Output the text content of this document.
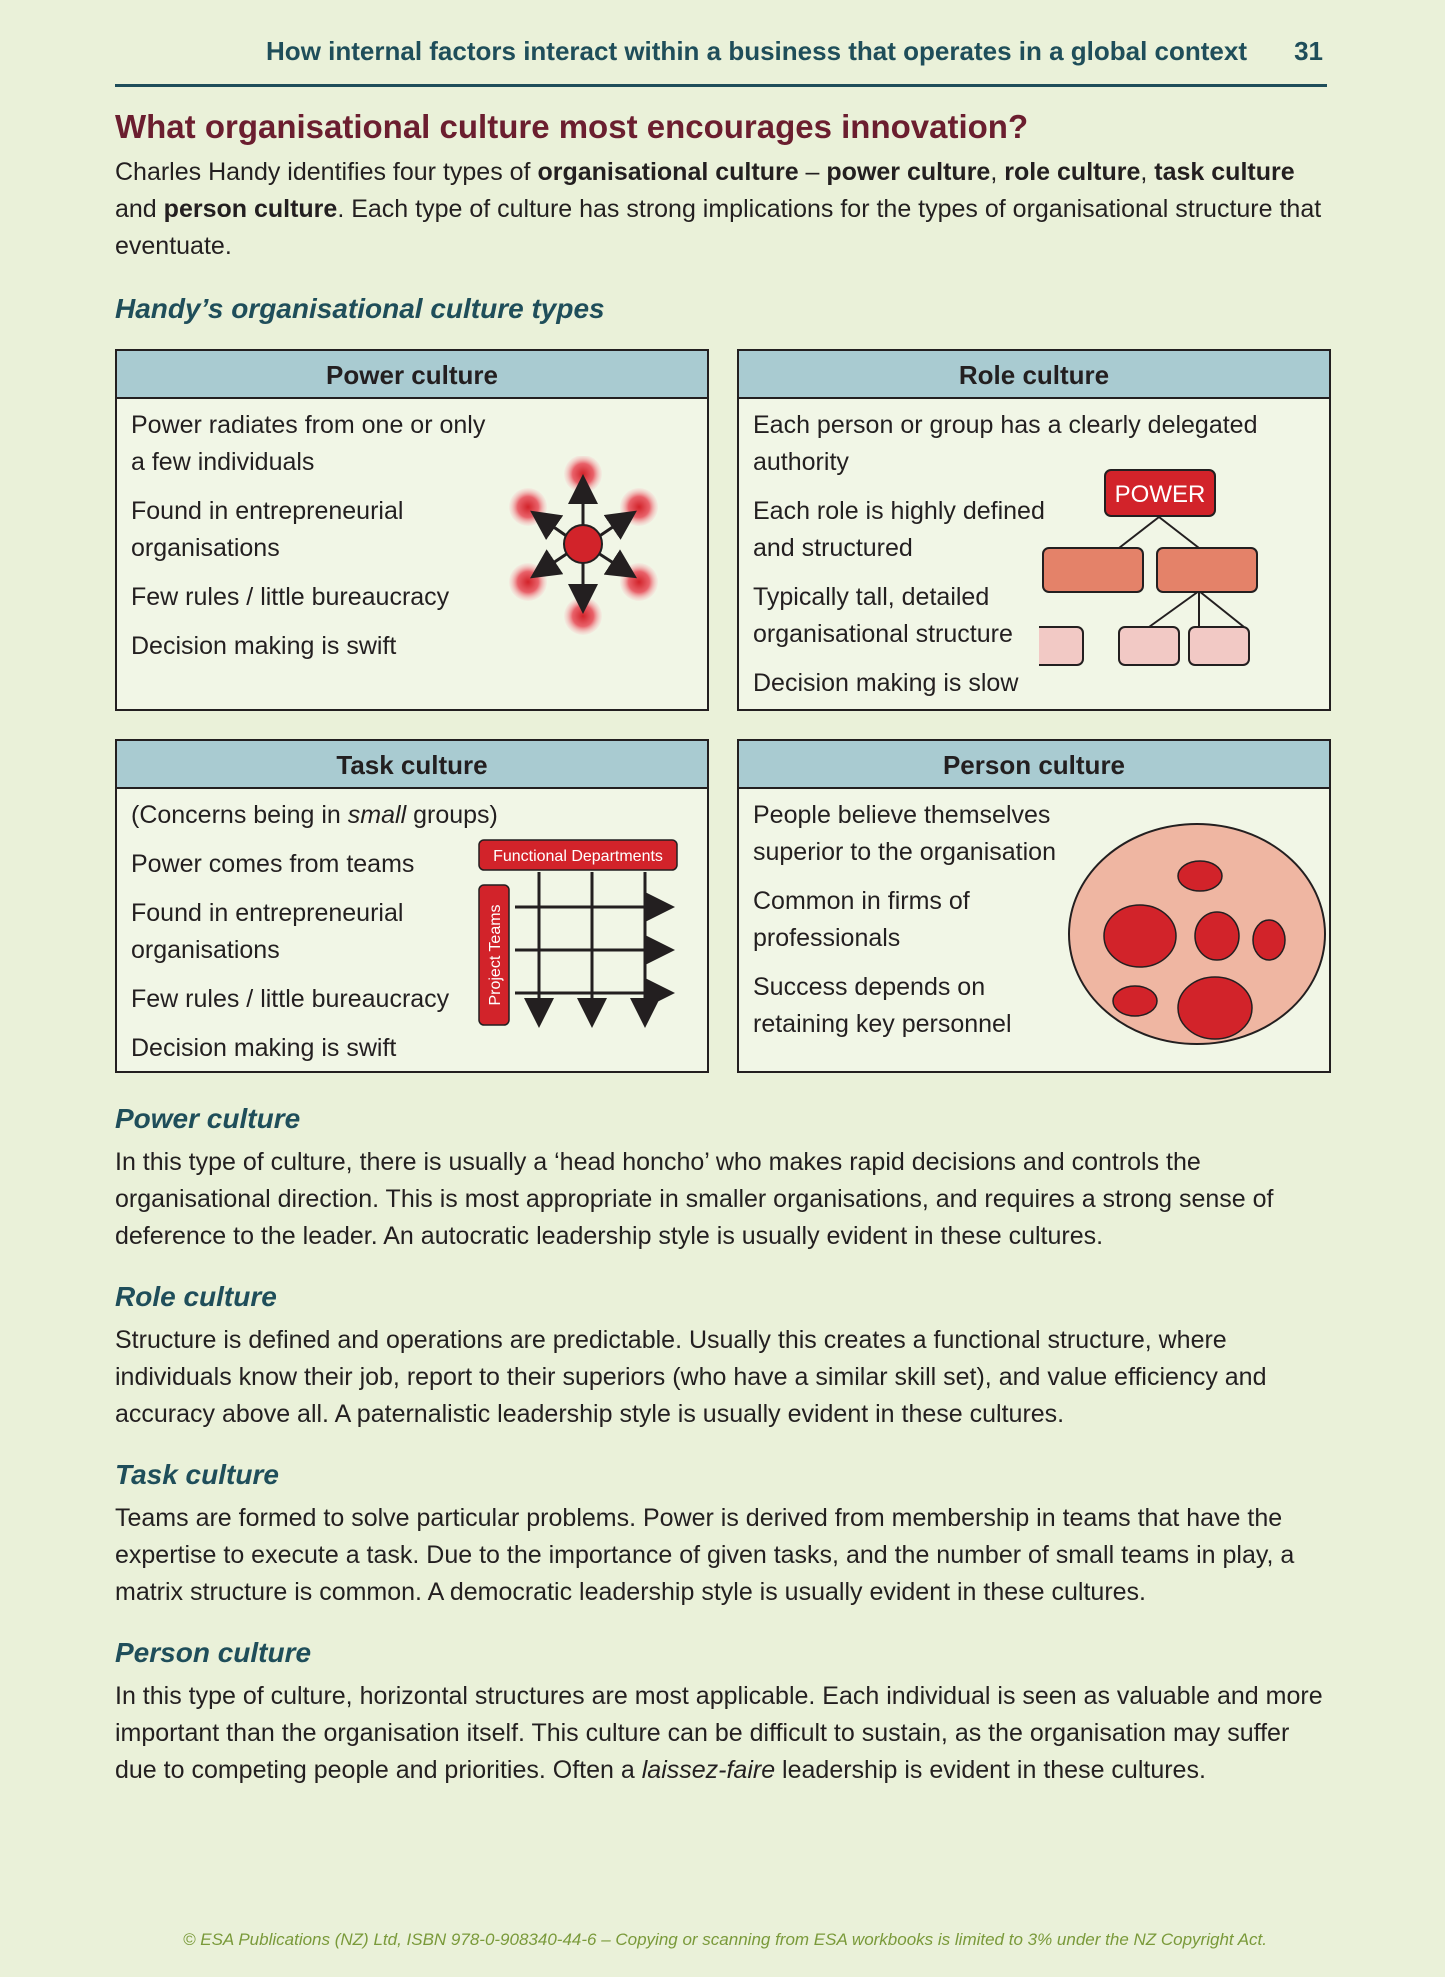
How internal factors interact within a business that operates in a global context 31
What organisational culture most encourages innovation?
Charles Handy identifies four types of organisational culture – power culture, role culture, task culture and person culture. Each type of culture has strong implications for the types of organisational structure that eventuate.
Handy’s organisational culture types
Power culture
Power radiates from one or only a few individuals
Found in entrepreneurial organisations
Few rules / little bureaucracy
Decision making is swift
Role culture
Each person or group has a clearly delegated authority
Each role is highly defined and structured
Typically tall, detailed organisational structure
Decision making is slow
POWER
Task culture
(Concerns being in small groups)
Power comes from teams
Found in entrepreneurial organisations
Few rules / little bureaucracy
Decision making is swift
Functional Departments
Project Teams
Person culture
People believe themselves superior to the organisation
Common in firms of professionals
Success depends on retaining key personnel
Power culture

In this type of culture, there is usually a ‘head honcho’ who makes rapid decisions and controls the organisational direction. This is most appropriate in smaller organisations, and requires a strong sense of deference to the leader. An autocratic leadership style is usually evident in these cultures.

Role culture

Structure is defined and operations are predictable. Usually this creates a functional structure, where individuals know their job, report to their superiors (who have a similar skill set), and value efficiency and accuracy above all. A paternalistic leadership style is usually evident in these cultures.

Task culture

Teams are formed to solve particular problems. Power is derived from membership in teams that have the expertise to execute a task. Due to the importance of given tasks, and the number of small teams in play, a matrix structure is common. A democratic leadership style is usually evident in these cultures.

Person culture

In this type of culture, horizontal structures are most applicable. Each individual is seen as valuable and more important than the organisation itself. This culture can be difficult to sustain, as the organisation may suffer due to competing people and priorities. Often a laissez-faire leadership is evident in these cultures.

© ESA Publications (NZ) Ltd, ISBN 978-0-908340-44-6 – Copying or scanning from ESA workbooks is limited to 3% under the NZ Copyright Act.
